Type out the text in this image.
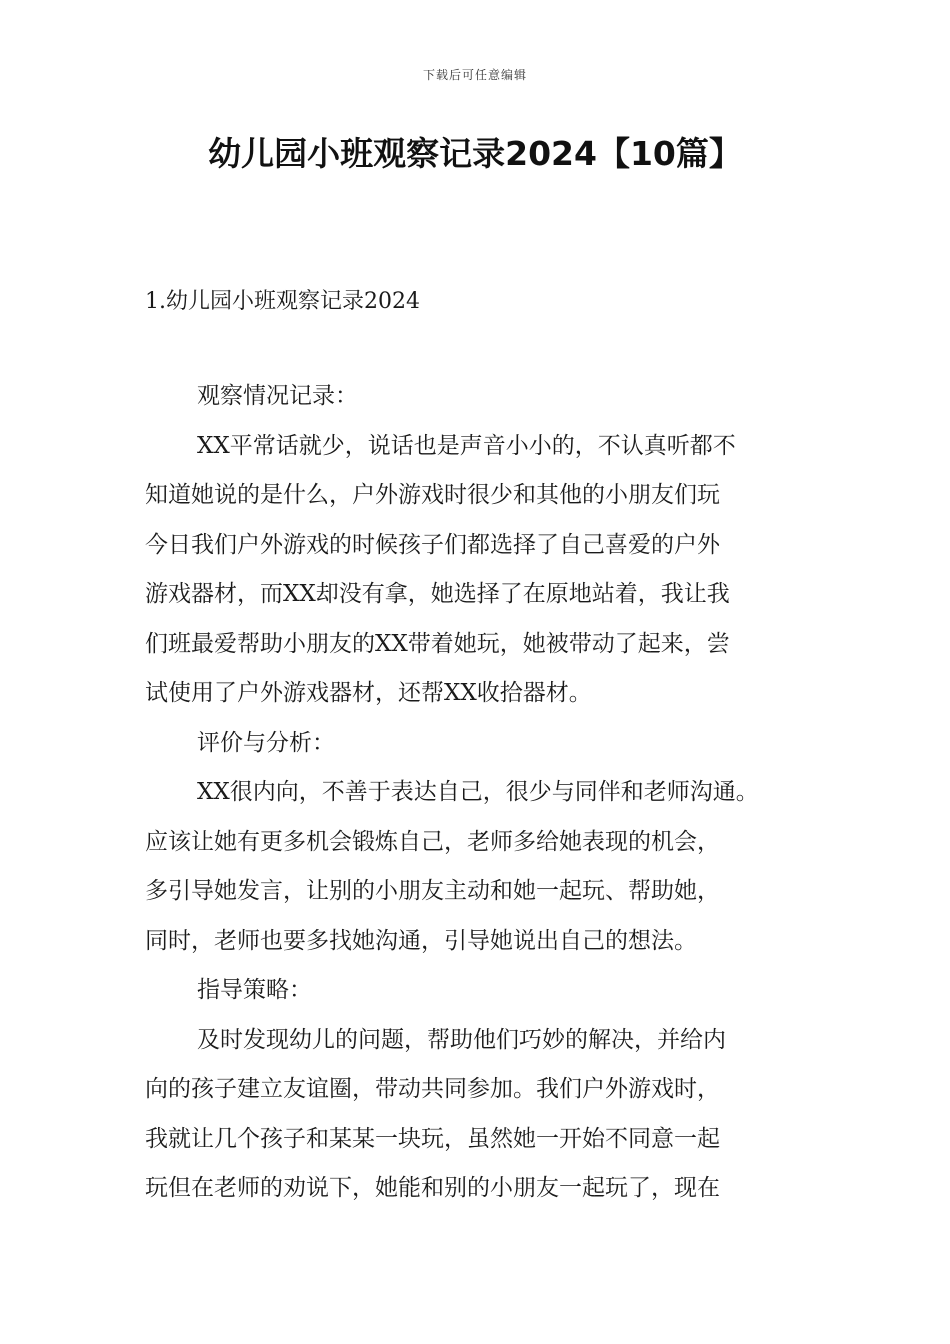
下载后可任意编辑
幼儿园小班观察记录2024【10篇】
1.幼儿园小班观察记录2024
观察情况记录：
XX平常话就少，说话也是声音小小的，不认真听都不
知道她说的是什么，户外游戏时很少和其他的小朋友们玩
今日我们户外游戏的时候孩子们都选择了自己喜爱的户外
游戏器材，而XX却没有拿，她选择了在原地站着，我让我
们班最爱帮助小朋友的XX带着她玩，她被带动了起来，尝
试使用了户外游戏器材，还帮XX收拾器材。
评价与分析：
XX很内向，不善于表达自己，很少与同伴和老师沟通。
应该让她有更多机会锻炼自己，老师多给她表现的机会，
多引导她发言，让别的小朋友主动和她一起玩、帮助她，
同时，老师也要多找她沟通，引导她说出自己的想法。
指导策略：
及时发现幼儿的问题，帮助他们巧妙的解决，并给内
向的孩子建立友谊圈，带动共同参加。我们户外游戏时，
我就让几个孩子和某某一块玩，虽然她一开始不同意一起
玩但在老师的劝说下，她能和别的小朋友一起玩了，现在
